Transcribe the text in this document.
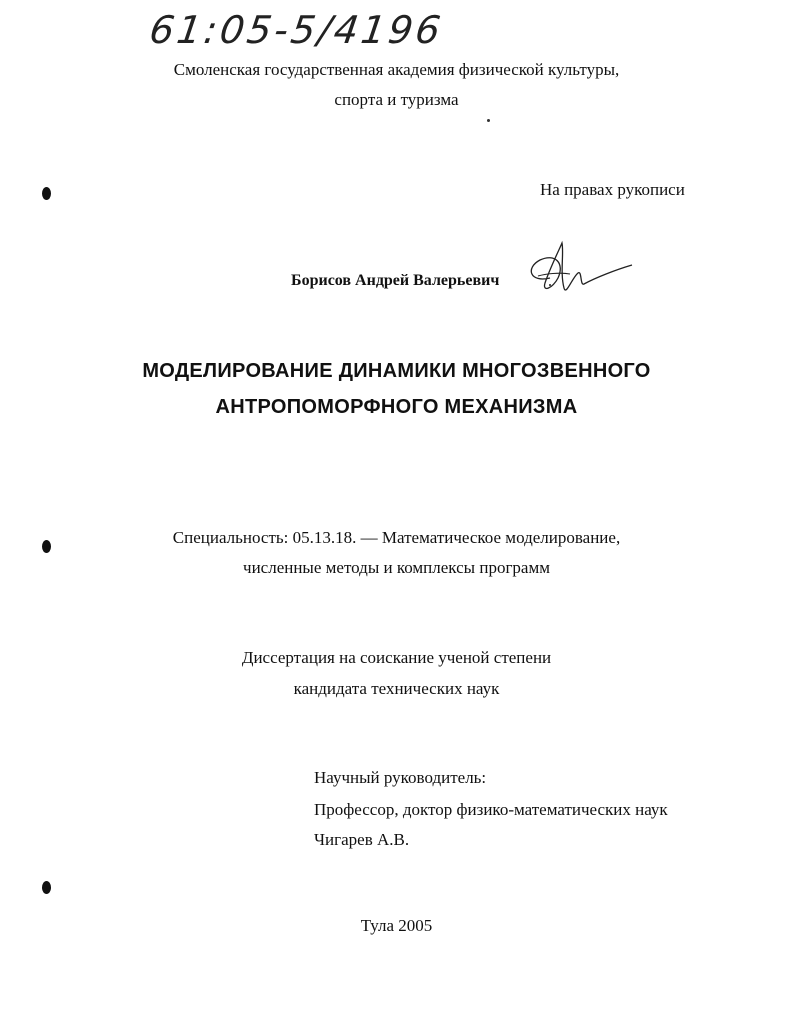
61:05-5/4196
Смоленская государственная академия физической культуры,
спорта и туризма
На правах рукописи
Борисов Андрей Валерьевич
МОДЕЛИРОВАНИЕ ДИНАМИКИ МНОГОЗВЕННОГО
АНТРОПОМОРФНОГО МЕХАНИЗМА
Специальность: 05.13.18. — Математическое моделирование,
численные методы и комплексы программ
Диссертация на соискание ученой степени
кандидата технических наук
Научный руководитель:
Профессор, доктор физико-математических наук
Чигарев А.В.
Тула 2005
